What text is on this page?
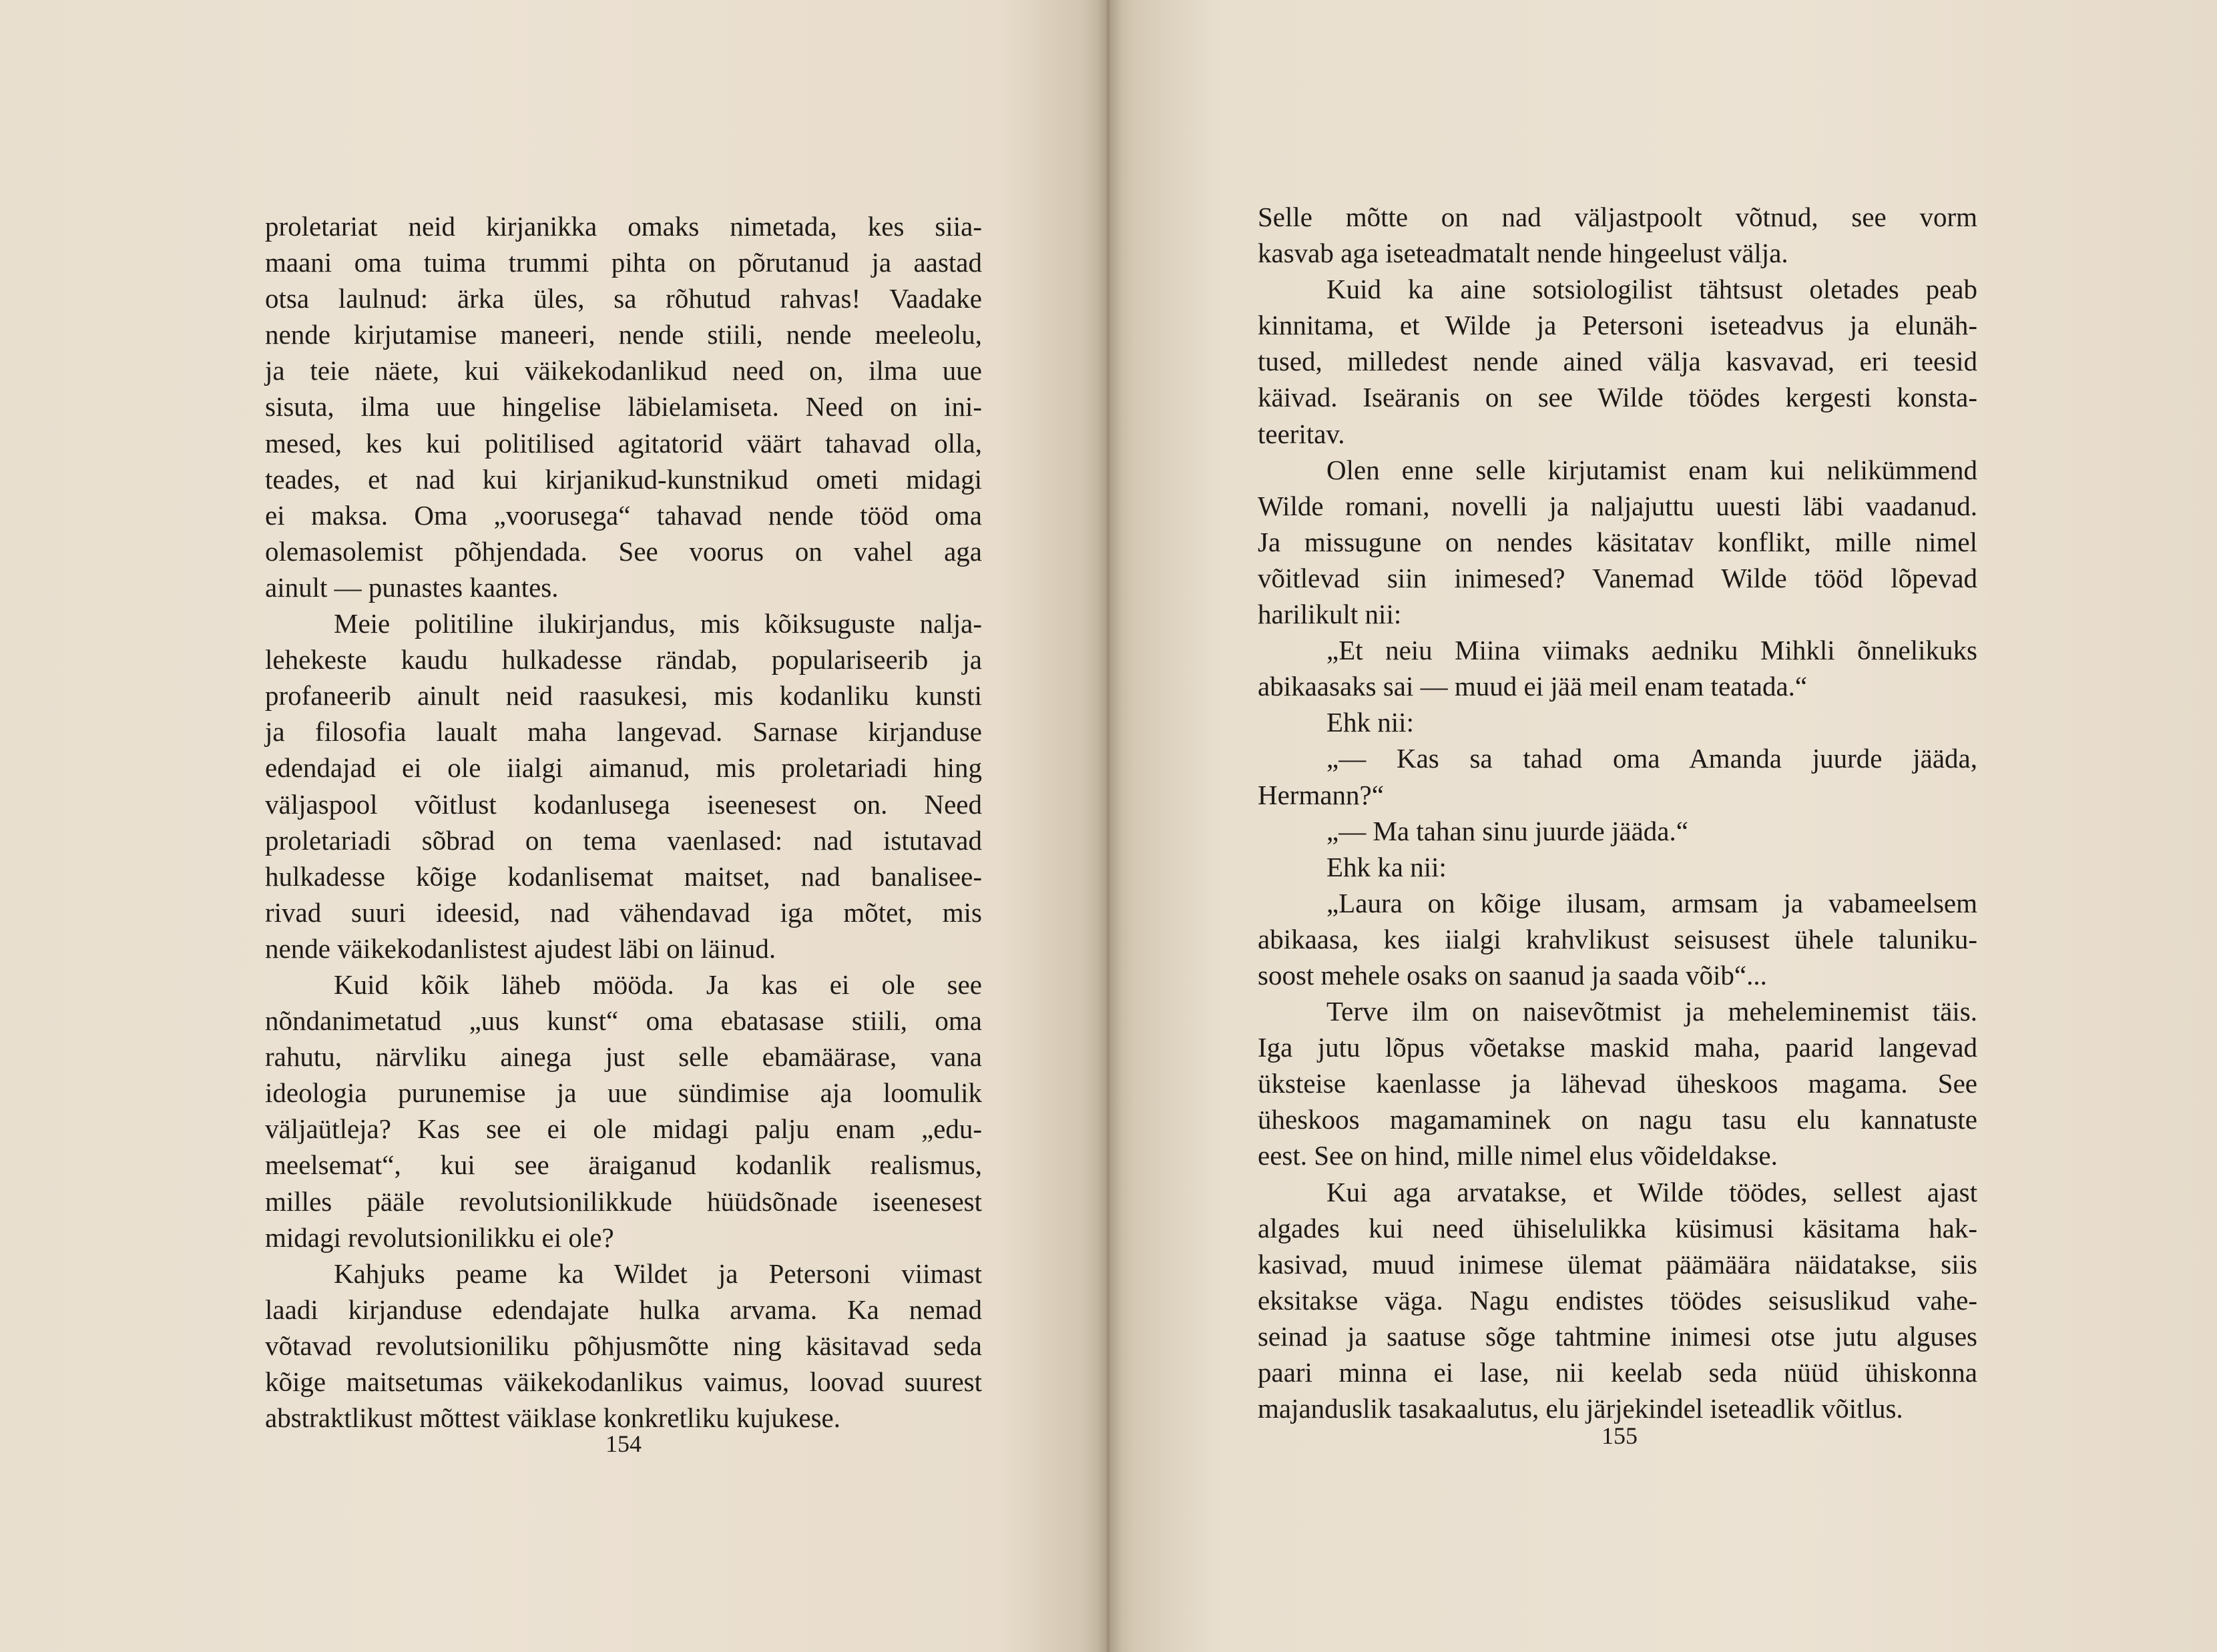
proletariat neid kirjanikka omaks nimetada, kes siia-
maani oma tuima trummi pihta on põrutanud ja aastad
otsa laulnud: ärka üles, sa rõhutud rahvas! Vaadake
nende kirjutamise maneeri, nende stiili, nende meeleolu,
ja teie näete, kui väikekodanlikud need on, ilma uue
sisuta, ilma uue hingelise läbielamiseta. Need on ini-
mesed, kes kui politilised agitatorid väärt tahavad olla,
teades, et nad kui kirjanikud-kunstnikud ometi midagi
ei maksa. Oma „voorusega“ tahavad nende tööd oma
olemasolemist põhjendada. See voorus on vahel aga
ainult — punastes kaantes.
Meie politiline ilukirjandus, mis kõiksuguste nalja-
lehekeste kaudu hulkadesse rändab, populariseerib ja
profaneerib ainult neid raasukesi, mis kodanliku kunsti
ja filosofia laualt maha langevad. Sarnase kirjanduse
edendajad ei ole iialgi aimanud, mis proletariadi hing
väljaspool võitlust kodanlusega iseenesest on. Need
proletariadi sõbrad on tema vaenlased: nad istutavad
hulkadesse kõige kodanlisemat maitset, nad banalisee-
rivad suuri ideesid, nad vähendavad iga mõtet, mis
nende väikekodanlistest ajudest läbi on läinud.
Kuid kõik läheb mööda. Ja kas ei ole see
nõndanimetatud „uus kunst“ oma ebatasase stiili, oma
rahutu, närvliku ainega just selle ebamäärase, vana
ideologia purunemise ja uue sündimise aja loomulik
väljaütleja? Kas see ei ole midagi palju enam „edu-
meelsemat“, kui see äraiganud kodanlik realismus,
milles pääle revolutsionilikkude hüüdsõnade iseenesest
midagi revolutsionilikku ei ole?
Kahjuks peame ka Wildet ja Petersoni viimast
laadi kirjanduse edendajate hulka arvama. Ka nemad
võtavad revolutsioniliku põhjusmõtte ning käsitavad seda
kõige maitsetumas väikekodanlikus vaimus, loovad suurest
abstraktlikust mõttest väiklase konkretliku kujukese.
154
Selle mõtte on nad väljastpoolt võtnud, see vorm
kasvab aga iseteadmatalt nende hingeelust välja.
Kuid ka aine sotsiologilist tähtsust oletades peab
kinnitama, et Wilde ja Petersoni iseteadvus ja elunäh-
tused, milledest nende ained välja kasvavad, eri teesid
käivad. Iseäranis on see Wilde töödes kergesti konsta-
teeritav.
Olen enne selle kirjutamist enam kui nelikümmend
Wilde romani, novelli ja naljajuttu uuesti läbi vaadanud.
Ja missugune on nendes käsitatav konflikt, mille nimel
võitlevad siin inimesed? Vanemad Wilde tööd lõpevad
harilikult nii:
„Et neiu Miina viimaks aedniku Mihkli õnnelikuks
abikaasaks sai — muud ei jää meil enam teatada.“
Ehk nii:
„— Kas sa tahad oma Amanda juurde jääda,
Hermann?“
„— Ma tahan sinu juurde jääda.“
Ehk ka nii:
„Laura on kõige ilusam, armsam ja vabameelsem
abikaasa, kes iialgi krahvlikust seisusest ühele taluniku-
soost mehele osaks on saanud ja saada võib“...
Terve ilm on naisevõtmist ja meheleminemist täis.
Iga jutu lõpus võetakse maskid maha, paarid langevad
üksteise kaenlasse ja lähevad üheskoos magama. See
üheskoos magamaminek on nagu tasu elu kannatuste
eest. See on hind, mille nimel elus võideldakse.
Kui aga arvatakse, et Wilde töödes, sellest ajast
algades kui need ühiselulikka küsimusi käsitama hak-
kasivad, muud inimese ülemat päämäära näidatakse, siis
eksitakse väga. Nagu endistes töödes seisuslikud vahe-
seinad ja saatuse sõge tahtmine inimesi otse jutu alguses
paari minna ei lase, nii keelab seda nüüd ühiskonna
majanduslik tasakaalutus, elu järjekindel iseteadlik võitlus.
155
